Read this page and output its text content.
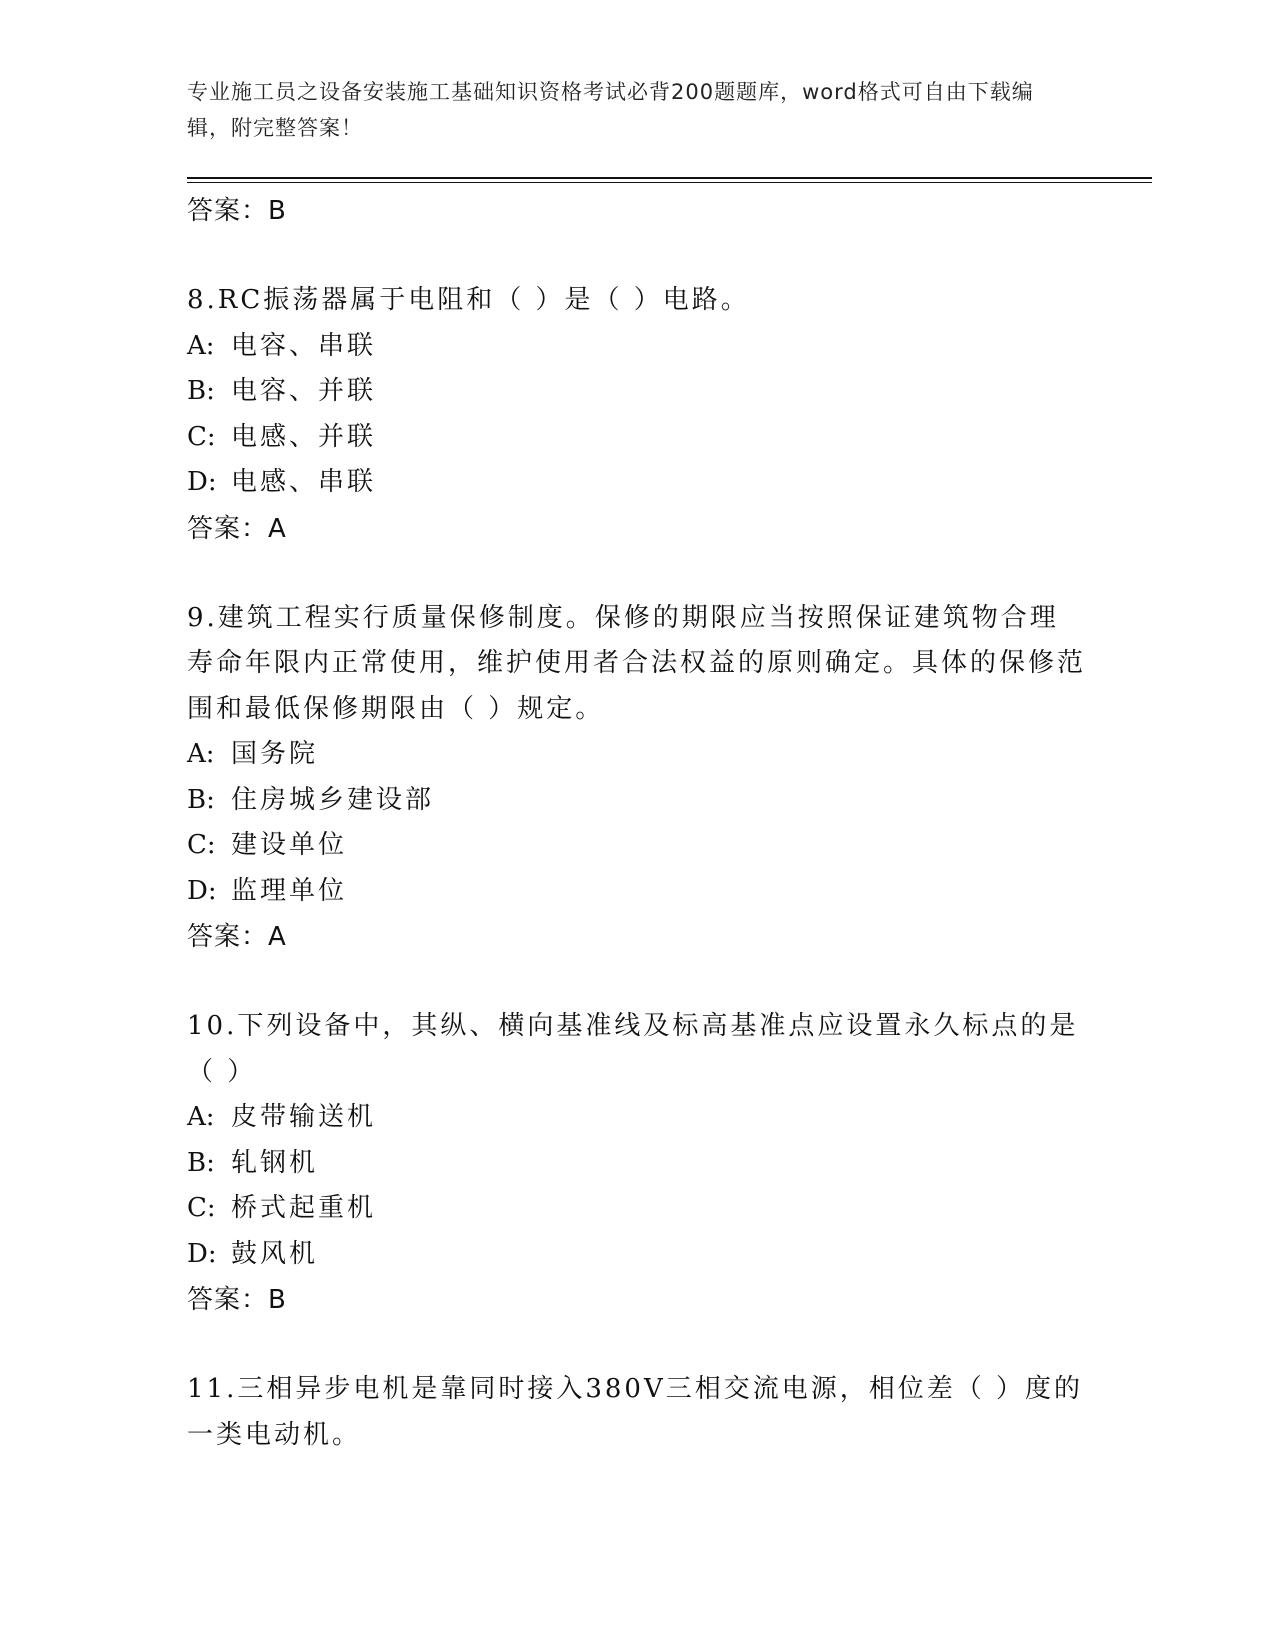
专业施工员之设备安装施工基础知识资格考试必背200题题库，word格式可自由下载编辑，附完整答案！
答案：B
8.RC振荡器属于电阻和（ ）是（ ）电路。
A: 电容、串联
B: 电容、并联
C: 电感、并联
D: 电感、串联
答案：A
9.建筑工程实行质量保修制度。保修的期限应当按照保证建筑物合理寿命年限内正常使用，维护使用者合法权益的原则确定。具体的保修范围和最低保修期限由（ ）规定。
A: 国务院
B: 住房城乡建设部
C: 建设单位
D: 监理单位
答案：A
10.下列设备中，其纵、横向基准线及标高基准点应设置永久标点的是（ ）
A: 皮带输送机
B: 轧钢机
C: 桥式起重机
D: 鼓风机
答案：B
11.三相异步电机是靠同时接入380V三相交流电源，相位差（ ）度的一类电动机。
